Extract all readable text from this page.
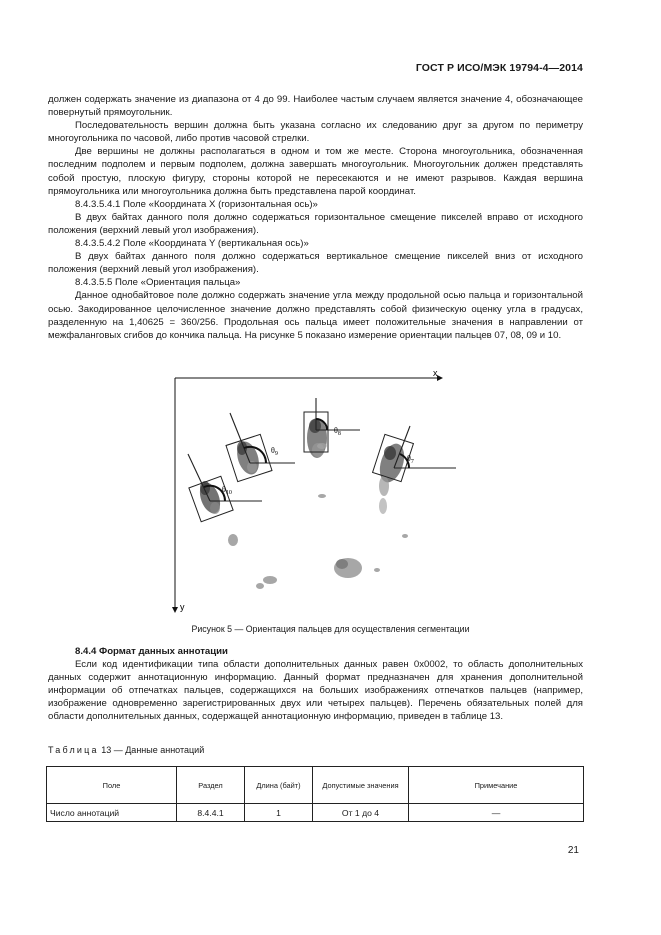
ГОСТ Р ИСО/МЭК 19794-4—2014

должен содержать значение из диапазона от 4 до 99. Наиболее частым случаем является значение 4, обозначающее повернутый прямоугольник.

Последовательность вершин должна быть указана согласно их следованию друг за другом по периметру многоугольника по часовой, либо против часовой стрелки.

Две вершины не должны располагаться в одном и том же месте. Сторона многоугольника, обозначенная последним подполем и первым подполем, должна завершать многоугольник. Многоугольник должен представлять собой простую, плоскую фигуру, стороны которой не пересекаются и не имеют разрывов. Каждая вершина прямоугольника или многоугольника должна быть представлена парой координат.

8.4.3.5.4.1 Поле «Координата X (горизонтальная ось)»

В двух байтах данного поля должно содержаться горизонтальное смещение пикселей вправо от исходного положения (верхний левый угол изображения).

8.4.3.5.4.2 Поле «Координата Y (вертикальная ось)»

В двух байтах данного поля должно содержаться вертикальное смещение пикселей вниз от исходного положения (верхний левый угол изображения).

8.4.3.5.5 Поле «Ориентация пальца»

Данное однобайтовое поле должно содержать значение угла между продольной осью пальца и горизонтальной осью. Закодированное целочисленное значение должно представлять собой физическую оценку угла в градусах, разделенную на 1,40625 = 360/256. Продольная ось пальца имеет положительные значения в направлении от межфаланговых сгибов до кончика пальца. На рисунке 5 показано измерение ориентации пальцев 07, 08, 09 и 10.

x
y
$\theta_{10}$
$\theta_9$
$\theta_8$
$\theta_7$
Рисунок 5 — Ориентация пальцев для осуществления сегментации

8.4.4 Формат данных аннотации

Если код идентификации типа области дополнительных данных равен 0x0002, то область дополнительных данных содержит аннотационную информацию. Данный формат предназначен для хранения дополнительной информации об отпечатках пальцев, содержащихся на больших изображениях отпечатков пальцев (например, изображение одновременно зарегистрированных двух или четырех пальцев). Перечень обязательных полей для области дополнительных данных, содержащей аннотационную информацию, приведен в таблице 13.

Таблица 13 — Данные аннотаций
Поле	Раздел	Длина (байт)	Допустимые значения	Примечание
Число аннотаций	8.4.4.1	1	От 1 до 4	—
21
